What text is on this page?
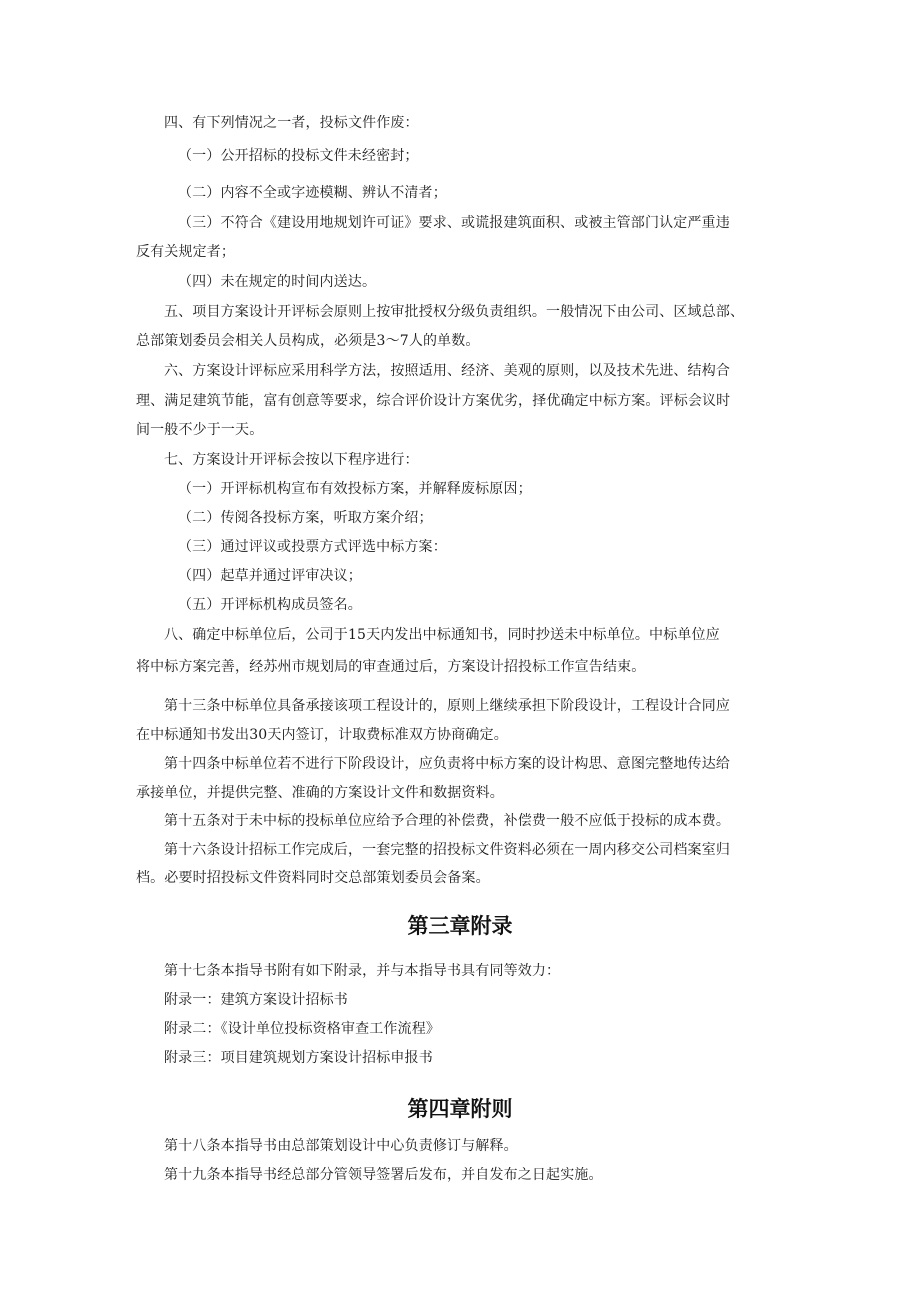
四、有下列情况之一者，投标文件作废：
（一）公开招标的投标文件未经密封；
（二）内容不全或字迹模糊、辨认不清者；
（三）不符合《建设用地规划许可证》要求、或谎报建筑面积、或被主管部门认定严重违
反有关规定者；
（四）未在规定的时间内送达。
五、项目方案设计开评标会原则上按审批授权分级负责组织。一般情况下由公司、区域总部、
总部策划委员会相关人员构成，必须是3～7人的单数。
六、方案设计评标应采用科学方法，按照适用、经济、美观的原则，以及技术先进、结构合
理、满足建筑节能，富有创意等要求，综合评价设计方案优劣，择优确定中标方案。评标会议时
间一般不少于一天。
七、方案设计开评标会按以下程序进行：
（一）开评标机构宣布有效投标方案，并解释废标原因；
（二）传阅各投标方案，听取方案介绍；
（三）通过评议或投票方式评选中标方案：
（四）起草并通过评审决议；
（五）开评标机构成员签名。
八、确定中标单位后，公司于15天内发出中标通知书，同时抄送未中标单位。中标单位应
将中标方案完善，经苏州市规划局的审查通过后，方案设计招投标工作宣告结束。
第十三条中标单位具备承接该项工程设计的，原则上继续承担下阶段设计，工程设计合同应
在中标通知书发出30天内签订，计取费标准双方协商确定。
第十四条中标单位若不进行下阶段设计，应负责将中标方案的设计构思、意图完整地传达给
承接单位，并提供完整、准确的方案设计文件和数据资料。
第十五条对于未中标的投标单位应给予合理的补偿费，补偿费一般不应低于投标的成本费。
第十六条设计招标工作完成后，一套完整的招投标文件资料必须在一周内移交公司档案室归
档。必要时招投标文件资料同时交总部策划委员会备案。
第三章附录
第十七条本指导书附有如下附录，并与本指导书具有同等效力：
附录一：建筑方案设计招标书
附录二：《设计单位投标资格审查工作流程》
附录三：项目建筑规划方案设计招标申报书
第四章附则
第十八条本指导书由总部策划设计中心负责修订与解释。
第十九条本指导书经总部分管领导签署后发布，并自发布之日起实施。
